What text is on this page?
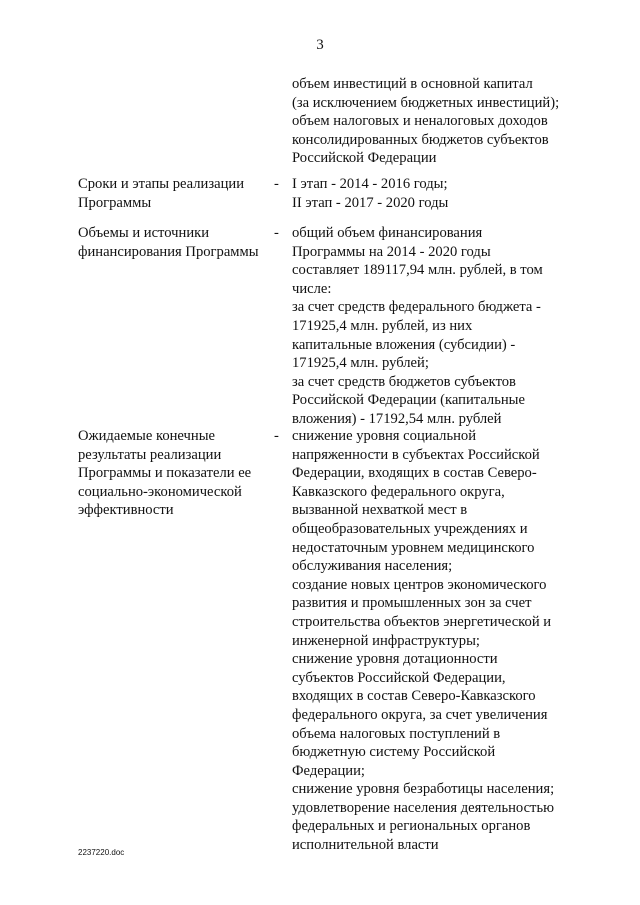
3
объем инвестиций в основной капитал
(за исключением бюджетных инвестиций);
объем налоговых и неналоговых доходов
консолидированных бюджетов субъектов
Российской Федерации
Сроки и этапы реализации
Программы
- I этап - 2014 - 2016 годы;
II этап - 2017 - 2020 годы
Объемы и источники
финансирования Программы
- общий объем финансирования
Программы на 2014 - 2020 годы
составляет 189117,94 млн. рублей, в том
числе:
за счет средств федерального бюджета -
171925,4 млн. рублей, из них
капитальные вложения (субсидии) -
171925,4 млн. рублей;
за счет средств бюджетов субъектов
Российской Федерации (капитальные
вложения) - 17192,54 млн. рублей
Ожидаемые конечные
результаты реализации
Программы и показатели ее
социально-экономической
эффективности
- снижение уровня социальной
напряженности в субъектах Российской
Федерации, входящих в состав Северо-
Кавказского федерального округа,
вызванной нехваткой мест в
общеобразовательных учреждениях и
недостаточным уровнем медицинского
обслуживания населения;
создание новых центров экономического
развития и промышленных зон за счет
строительства объектов энергетической и
инженерной инфраструктуры;
снижение уровня дотационности
субъектов Российской Федерации,
входящих в состав Северо-Кавказского
федерального округа, за счет увеличения
объема налоговых поступлений в
бюджетную систему Российской
Федерации;
снижение уровня безработицы населения;
удовлетворение населения деятельностью
федеральных и региональных органов
исполнительной власти
2237220.doc
